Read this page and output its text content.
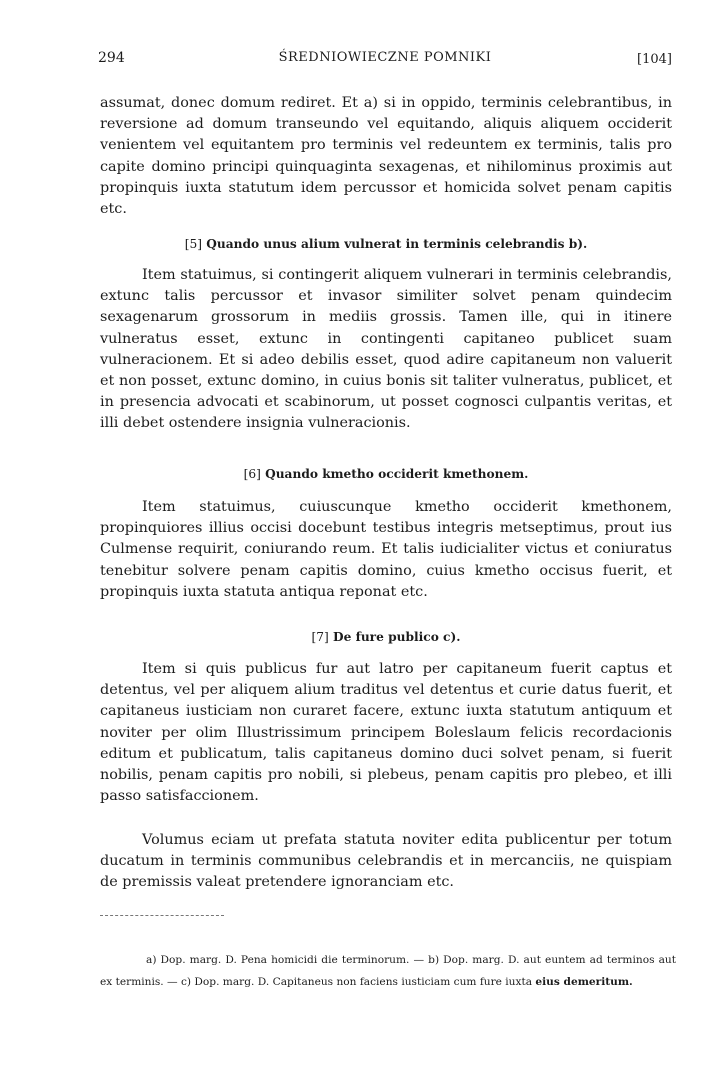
294	ŚREDNIOWIECZNE POMNIKI	[104]

assumat, donec domum rediret. Et a) si in oppido, terminis celebrantibus, in reversione ad domum transeundo vel equitando, aliquis aliquem occiderit venientem vel equitantem pro terminis vel redeuntem ex terminis, talis pro capite domino principi quinquaginta sexagenas, et nihilominus proximis aut propinquis iuxta statutum idem percussor et homicida solvet penam capitis etc.

[5] Quando unus alium vulnerat in terminis celebrandis b).

Item statuimus, si contingerit aliquem vulnerari in terminis celebrandis, extunc talis percussor et invasor similiter solvet penam quindecim sexagenarum grossorum in mediis grossis. Tamen ille, qui in itinere vulneratus esset, extunc in contingenti capitaneo publicet suam vulneracionem. Et si adeo debilis esset, quod adire capitaneum non valuerit et non posset, extunc domino, in cuius bonis sit taliter vulneratus, publicet, et in presencia advocati et scabinorum, ut posset cognosci culpantis veritas, et illi debet ostendere insignia vulneracionis.

[6] Quando kmetho occiderit kmethonem.

Item statuimus, cuiuscunque kmetho occiderit kmethonem, propinquiores illius occisi docebunt testibus integris metseptimus, prout ius Culmense requirit, coniurando reum. Et talis iudicialiter victus et coniuratus tenebitur solvere penam capitis domino, cuius kmetho occisus fuerit, et propinquis iuxta statuta antiqua reponat etc.

[7] De fure publico c).

Item si quis publicus fur aut latro per capitaneum fuerit captus et detentus, vel per aliquem alium traditus vel detentus et curie datus fuerit, et capitaneus iusticiam non curaret facere, extunc iuxta statutum antiquum et noviter per olim Illustrissimum principem Boleslaum felicis recordacionis editum et publicatum, talis capitaneus domino duci solvet penam, si fuerit nobilis, penam capitis pro nobili, si plebeus, penam capitis pro plebeo, et illi passo satisfaccionem.

Volumus eciam ut prefata statuta noviter edita publicentur per totum ducatum in terminis communibus celebrandis et in mercanciis, ne quispiam de premissis valeat pretendere ignoranciam etc.

a) Dop. marg. D. Pena homicidi die terminorum. — b) Dop. marg. D. aut euntem ad terminos aut ex terminis. — c) Dop. marg. D. Capitaneus non faciens iusticiam cum fure iuxta eius demeritum.
